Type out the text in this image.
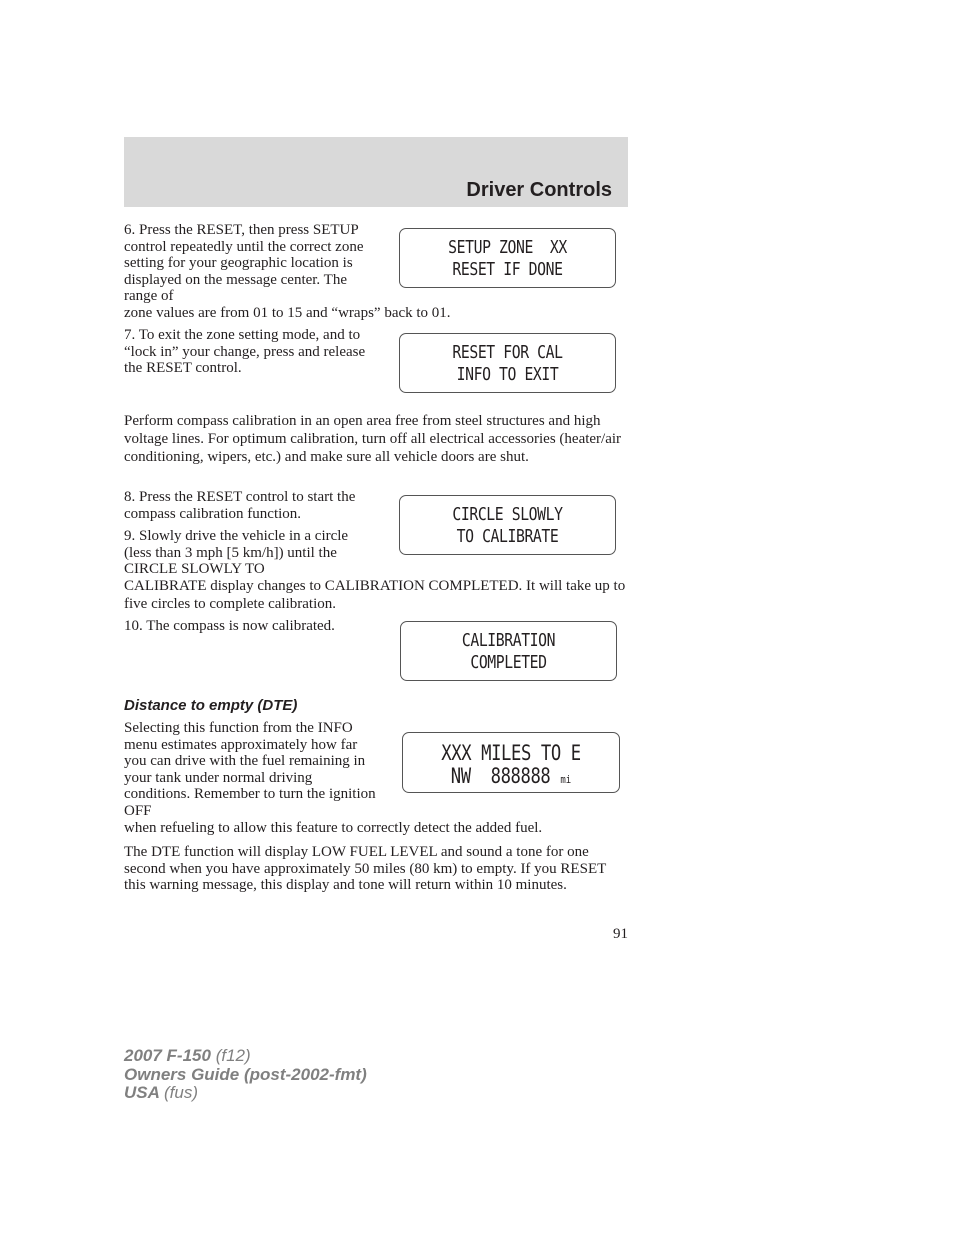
Driver Controls
6. Press the RESET, then press SETUP control repeatedly until the correct zone setting for your geographic location is displayed on the message center. The range of
zone values are from 01 to 15 and “wraps” back to 01.
SETUP ZONE  XX
RESET IF DONE
7. To exit the zone setting mode, and to “lock in” your change, press and release the RESET control.
RESET FOR CAL
INFO TO EXIT
Perform compass calibration in an open area free from steel structures and high voltage lines. For optimum calibration, turn off all electrical accessories (heater/air conditioning, wipers, etc.) and make sure all vehicle doors are shut.
8. Press the RESET control to start the compass calibration function.	CIRCLE SLOWLY
TO CALIBRATE
9. Slowly drive the vehicle in a circle (less than 3 mph [5 km/h]) until the CIRCLE SLOWLY TO
CALIBRATE display changes to CALIBRATION COMPLETED. It will take up to five circles to complete calibration.
10. The compass is now calibrated.
CALIBRATION
COMPLETED
Distance to empty (DTE)
Selecting this function from the INFO menu estimates approximately how far you can drive with the fuel remaining in your tank under normal driving conditions. Remember to turn the ignition OFF
when refueling to allow this feature to correctly detect the added fuel.
XXX MILES TO E
NW  888888 mi
The DTE function will display LOW FUEL LEVEL and sound a tone for one second when you have approximately 50 miles (80 km) to empty. If you RESET this warning message, this display and tone will return within 10 minutes.
91
2007 F-150 (f12)
Owners Guide (post-2002-fmt)
USA (fus)
